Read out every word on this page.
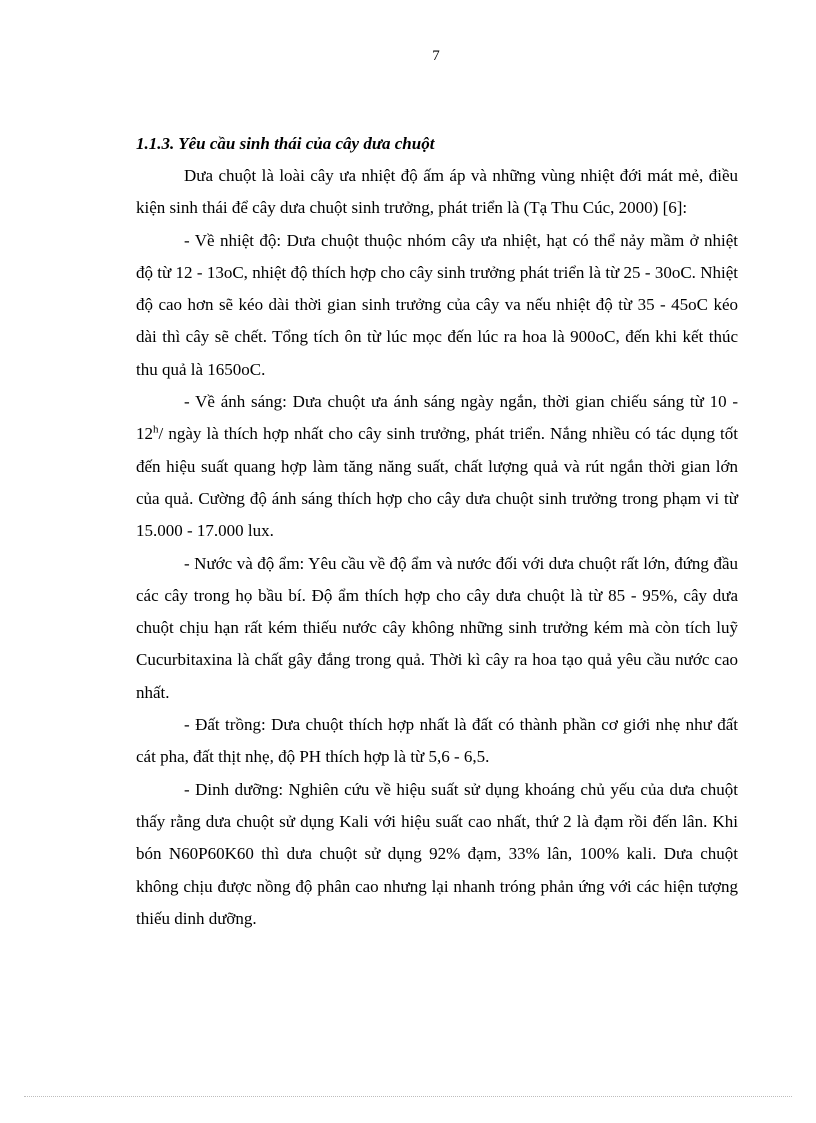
7

1.1.3. Yêu cầu sinh thái của cây dưa chuột

Dưa chuột là loài cây ưa nhiệt độ ấm áp và những vùng nhiệt đới mát mẻ, điều kiện sinh thái để cây dưa chuột sinh trưởng, phát triển là (Tạ Thu Cúc, 2000) [6]:

- Về nhiệt độ: Dưa chuột thuộc nhóm cây ưa nhiệt, hạt có thể nảy mầm ở nhiệt độ từ 12 - 13oC, nhiệt độ thích hợp cho cây sinh trưởng phát triển là từ 25 - 30oC. Nhiệt độ cao hơn sẽ kéo dài thời gian sinh trưởng của cây va nếu nhiệt độ từ 35 - 45oC kéo dài thì cây sẽ chết. Tổng tích ôn từ lúc mọc đến lúc ra hoa là 900oC, đến khi kết thúc thu quả là 1650oC.

- Về ánh sáng: Dưa chuột ưa ánh sáng ngày ngắn, thời gian chiếu sáng từ 10 - 12$^h$/ ngày là thích hợp nhất cho cây sinh trưởng, phát triển. Nắng nhiều có tác dụng tốt đến hiệu suất quang hợp làm tăng năng suất, chất lượng quả và rút ngắn thời gian lớn của quả. Cường độ ánh sáng thích hợp cho cây dưa chuột sinh trưởng trong phạm vi từ 15.000 - 17.000 lux.

- Nước và độ ẩm: Yêu cầu về độ ẩm và nước đối với dưa chuột rất lớn, đứng đầu các cây trong họ bầu bí. Độ ẩm thích hợp cho cây dưa chuột là từ 85 - 95%, cây dưa chuột chịu hạn rất kém thiếu nước cây không những sinh trưởng kém mà còn tích luỹ Cucurbitaxina là chất gây đắng trong quả. Thời kì cây ra hoa tạo quả yêu cầu nước cao nhất.

- Đất trồng: Dưa chuột thích hợp nhất là đất có thành phần cơ giới nhẹ như đất cát pha, đất thịt nhẹ, độ PH thích hợp là từ 5,6 - 6,5.

- Dinh dưỡng: Nghiên cứu về hiệu suất sử dụng khoáng chủ yếu của dưa chuột thấy rằng dưa chuột sử dụng Kali với hiệu suất cao nhất, thứ 2 là đạm rồi đến lân. Khi bón N60P60K60 thì dưa chuột sử dụng 92% đạm, 33% lân, 100% kali. Dưa chuột không chịu được nồng độ phân cao nhưng lại nhanh tróng phản ứng với các hiện tượng thiếu dinh dưỡng.
